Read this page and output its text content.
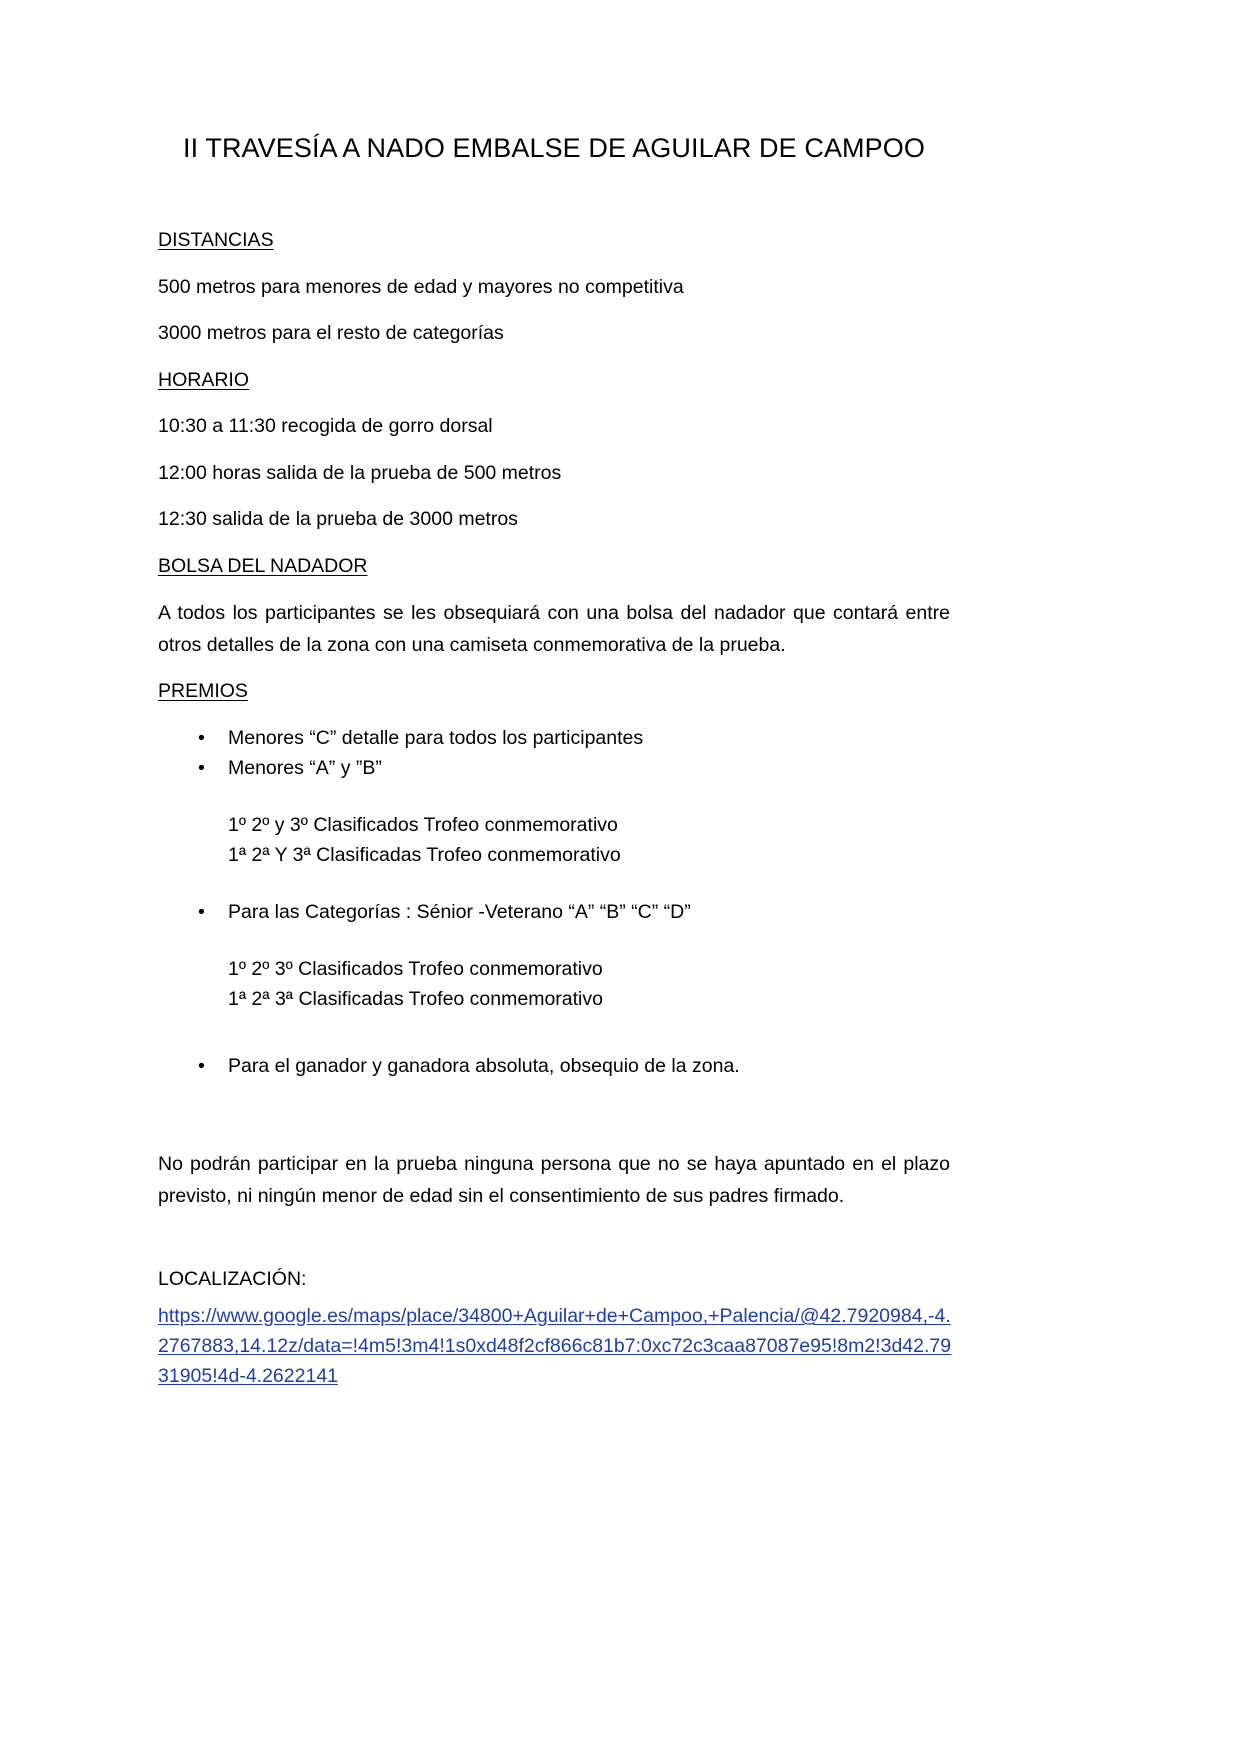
II TRAVESÍA A NADO EMBALSE DE AGUILAR DE CAMPOO
DISTANCIAS

500 metros para menores de edad y mayores no competitiva

3000 metros para el resto de categorías

HORARIO

10:30 a 11:30 recogida de gorro dorsal

12:00 horas salida de la prueba de 500 metros

12:30 salida de la prueba de 3000 metros

BOLSA DEL NADADOR

A todos los participantes se les obsequiará con una bolsa del nadador que contará entre otros detalles de la zona con una camiseta conmemorativa de la prueba.

PREMIOS
• Menores “C” detalle para todos los participantes
• Menores “A” y ”B”

1º 2º y 3º Clasificados Trofeo conmemorativo

1ª 2ª Y 3ª Clasificadas Trofeo conmemorativo

• Para las Categorías : Sénior -Veterano “A” “B” “C” “D”

1º 2º 3º Clasificados Trofeo conmemorativo

1ª 2ª 3ª Clasificadas Trofeo conmemorativo

• Para el ganador y ganadora absoluta, obsequio de la zona.

No podrán participar en la prueba ninguna persona que no se haya apuntado en el plazo previsto, ni ningún menor de edad sin el consentimiento de sus padres firmado.

LOCALIZACIÓN:

https://www.google.es/maps/place/34800+Aguilar+de+Campoo,+Palencia/@42.7920984,-4.2767883,14.12z/data=!4m5!3m4!1s0xd48f2cf866c81b7:0xc72c3caa87087e95!8m2!3d42.7931905!4d-4.2622141
